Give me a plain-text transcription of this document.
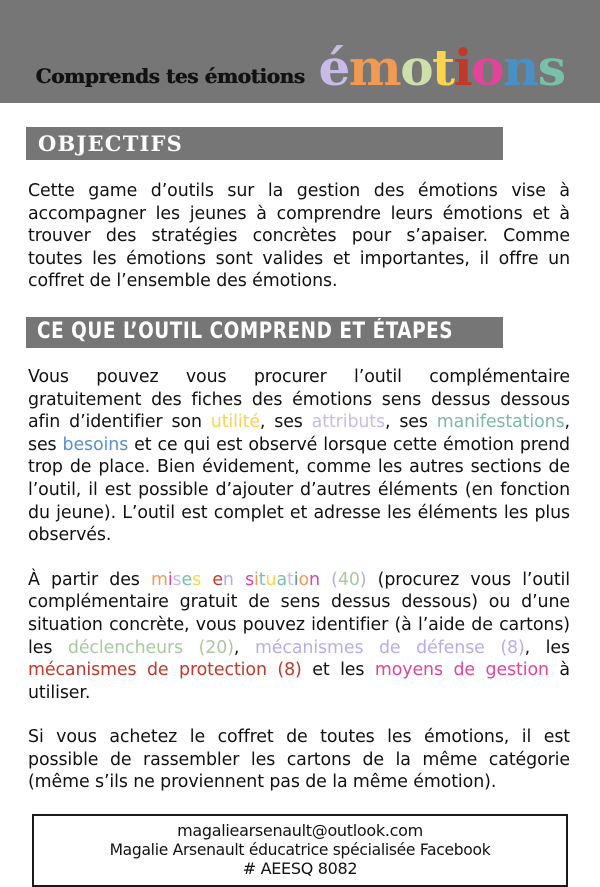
Comprends tes émotions émotions
OBJECTIFS
Cette game d’outils sur la gestion des émotions vise à accompagner les jeunes à comprendre leurs émotions et à trouver des stratégies concrètes pour s’apaiser. Comme toutes les émotions sont valides et importantes, il offre un coffret de l’ensemble des émotions.
CE QUE L’OUTIL COMPREND ET ÉTAPES
Vous pouvez vous procurer l’outil complémentaire gratuitement des fiches des émotions sens dessus dessous afin d’identifier son utilité, ses attributs, ses manifestations, ses besoins et ce qui est observé lorsque cette émotion prend trop de place. Bien évidement, comme les autres sections de l’outil, il est possible d’ajouter d’autres éléments (en fonction du jeune). L’outil est complet et adresse les éléments les plus observés.
À partir des mises en situation (40) (procurez vous l’outil complémentaire gratuit de sens dessus dessous) ou d’une situation concrète, vous pouvez identifier (à l’aide de cartons) les déclencheurs (20), mécanismes de défense (8), les mécanismes de protection (8) et les moyens de gestion à utiliser.
Si vous achetez le coffret de toutes les émotions, il est possible de rassembler les cartons de la même catégorie (même s’ils ne proviennent pas de la même émotion).
magaliearsenault@outlook.com
Magalie Arsenault éducatrice spécialisée Facebook
# AEESQ 8082
